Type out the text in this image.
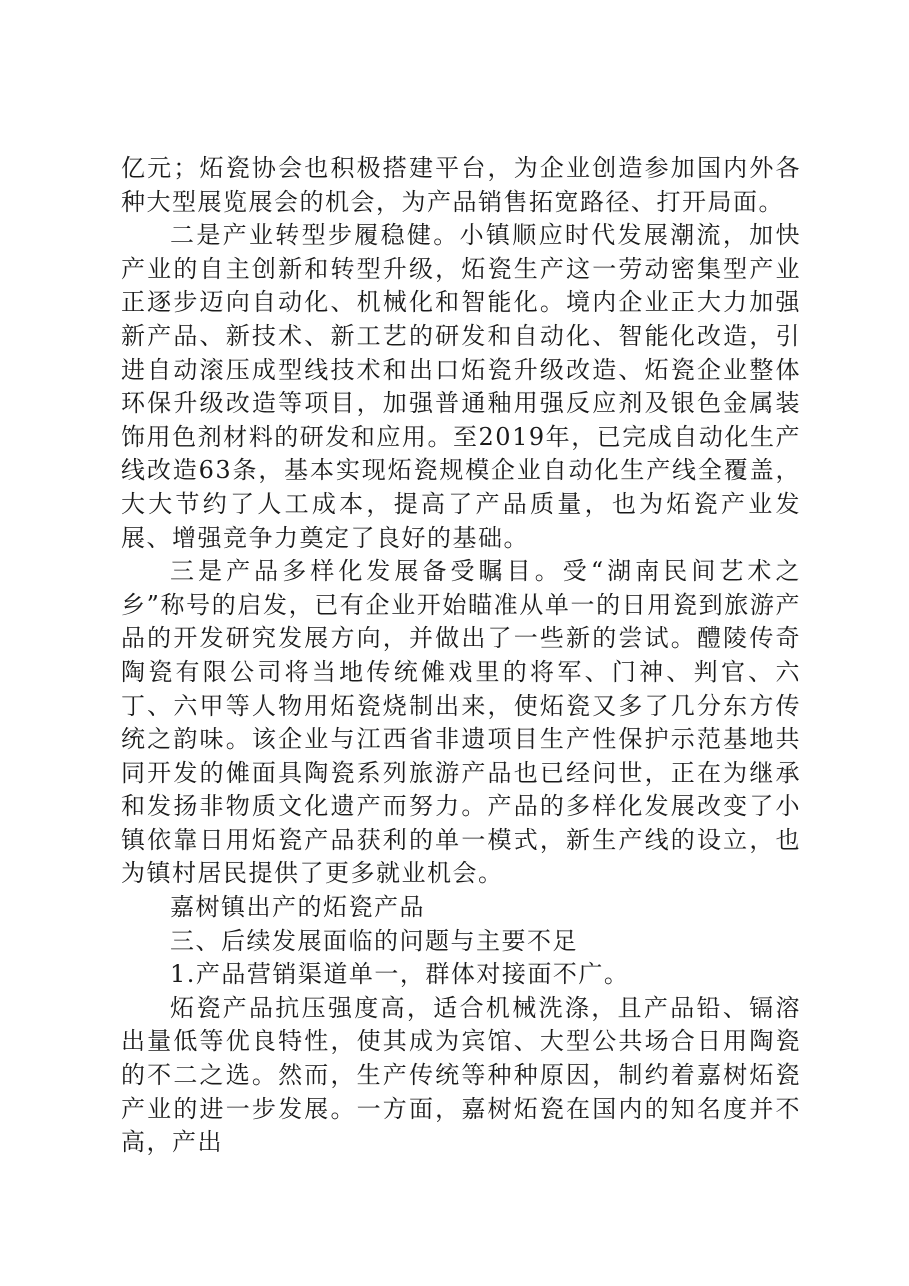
亿元；炻瓷协会也积极搭建平台，为企业创造参加国内外各种大型展览展会的机会，为产品销售拓宽路径、打开局面。

二是产业转型步履稳健。小镇顺应时代发展潮流，加快产业的自主创新和转型升级，炻瓷生产这一劳动密集型产业正逐步迈向自动化、机械化和智能化。境内企业正大力加强新产品、新技术、新工艺的研发和自动化、智能化改造，引进自动滚压成型线技术和出口炻瓷升级改造、炻瓷企业整体环保升级改造等项目，加强普通釉用强反应剂及银色金属装饰用色剂材料的研发和应用。至2019年，已完成自动化生产线改造63条，基本实现炻瓷规模企业自动化生产线全覆盖，大大节约了人工成本，提高了产品质量，也为炻瓷产业发展、增强竞争力奠定了良好的基础。

三是产品多样化发展备受瞩目。受“湖南民间艺术之乡”称号的启发，已有企业开始瞄准从单一的日用瓷到旅游产品的开发研究发展方向，并做出了一些新的尝试。醴陵传奇陶瓷有限公司将当地传统傩戏里的将军、门神、判官、六丁、六甲等人物用炻瓷烧制出来，使炻瓷又多了几分东方传统之韵味。该企业与江西省非遗项目生产性保护示范基地共同开发的傩面具陶瓷系列旅游产品也已经问世，正在为继承和发扬非物质文化遗产而努力。产品的多样化发展改变了小镇依靠日用炻瓷产品获利的单一模式，新生产线的设立，也为镇村居民提供了更多就业机会。

嘉树镇出产的炻瓷产品

三、后续发展面临的问题与主要不足

1.产品营销渠道单一，群体对接面不广。

炻瓷产品抗压强度高，适合机械洗涤，且产品铅、镉溶出量低等优良特性，使其成为宾馆、大型公共场合日用陶瓷的不二之选。然而，生产传统等种种原因，制约着嘉树炻瓷产业的进一步发展。一方面，嘉树炻瓷在国内的知名度并不高，产出
